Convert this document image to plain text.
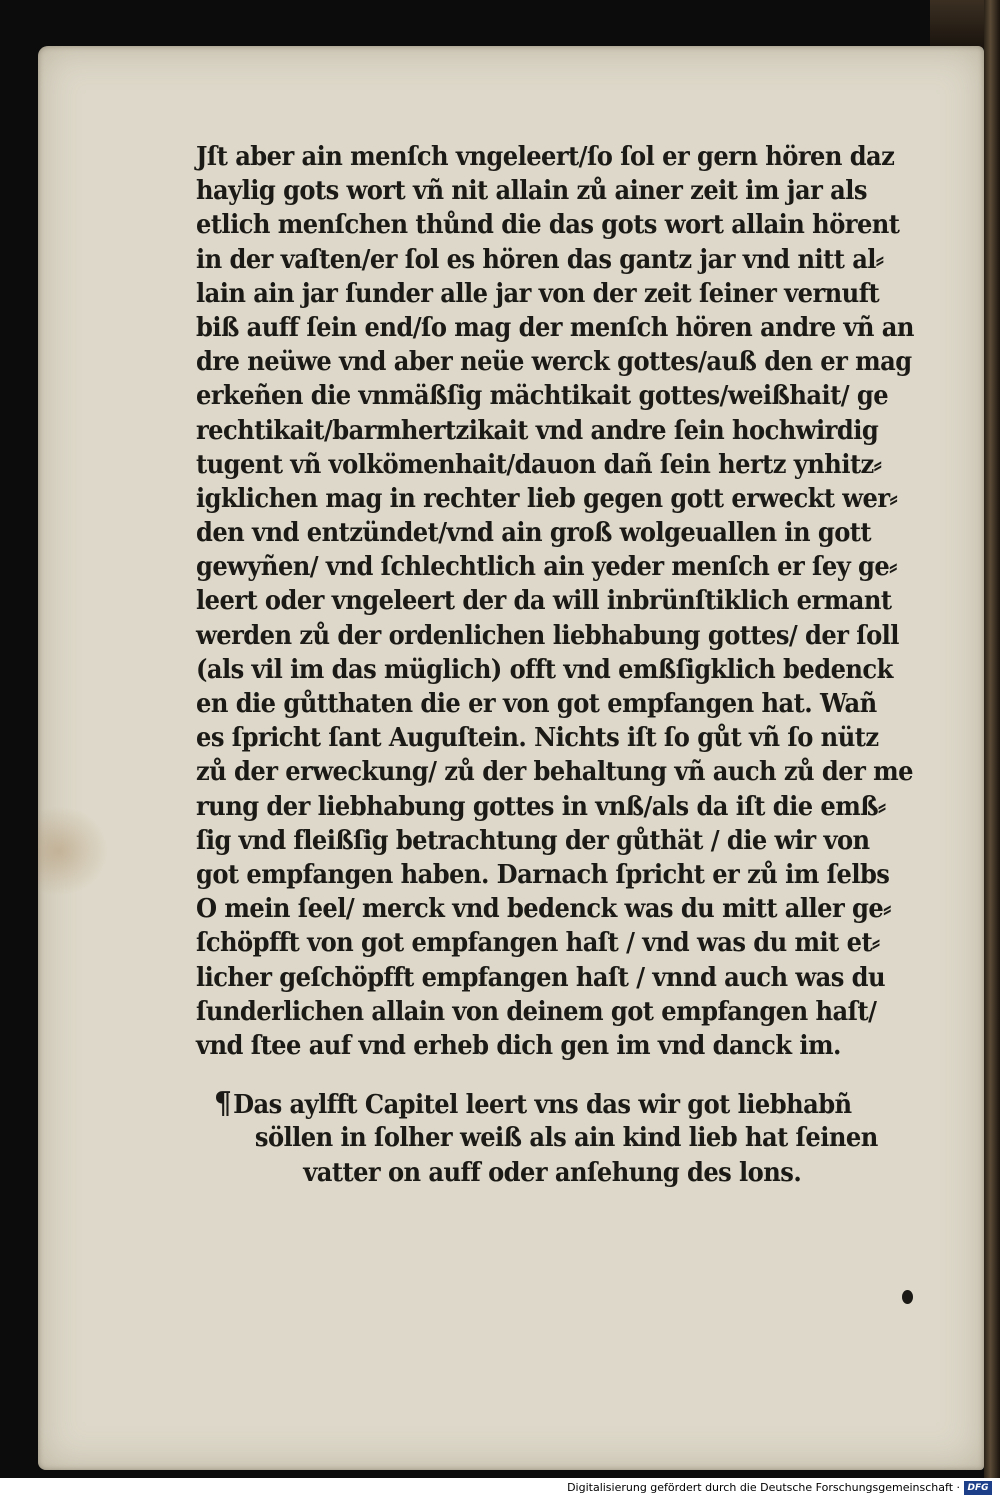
Jſt aber ain menſch vngeleert/ſo ſol er gern hören daz
haylig gots wort vñ nit allain zů ainer zeit im jar als
etlich menſchen thůnd die das gots wort allain hörent
in der vaſten/er ſol es hören das gantz jar vnd nitt al⸗
lain ain jar ſunder alle jar von der zeit ſeiner vernuft
biß auff ſein end/ſo mag der menſch hören andre vñ an
dre neüwe vnd aber neüe werck gottes/auß den er mag
erkeñen die vnmäßſig mächtikait gottes/weißhait/ ge
rechtikait/barmhertzikait vnd andre ſein hochwirdig
tugent vñ volkömenhait/dauon dañ ſein hertz ynhitz⸗
igklichen mag in rechter lieb gegen gott erweckt wer⸗
den vnd entzündet/vnd ain groß wolgeuallen in gott
gewyñen/ vnd ſchlechtlich ain yeder menſch er ſey ge⸗
leert oder vngeleert der da will inbrünſtiklich ermant
werden zů der ordenlichen liebhabung gottes/ der ſoll
(als vil im das müglich) offt vnd emßſigklich bedenck
en die gůtthaten die er von got empfangen hat. Wañ
es ſpricht ſant Auguſtein. Nichts iſt ſo gůt vñ ſo nütz
zů der erweckung/ zů der behaltung vñ auch zů der me
rung der liebhabung gottes in vnß/als da iſt die emß⸗
ſig vnd fleißſig betrachtung der gůthät / die wir von
got empfangen haben. Darnach ſpricht er zů im ſelbs
O mein ſeel/ merck vnd bedenck was du mitt aller ge⸗
ſchöpfft von got empfangen haſt / vnd was du mit et⸗
licher geſchöpfft empfangen haſt / vnnd auch was du
ſunderlichen allain von deinem got empfangen haſt/
vnd ſtee auf vnd erheb dich gen im vnd danck im.
¶Das aylfft Capitel leert vns das wir got liebhabñ
söllen in ſolher weiß als ain kind lieb hat ſeinen
vatter on auff oder anſehung des lons.
Digitalisierung gefördert durch die Deutsche Forschungsgemeinschaft · DFG
